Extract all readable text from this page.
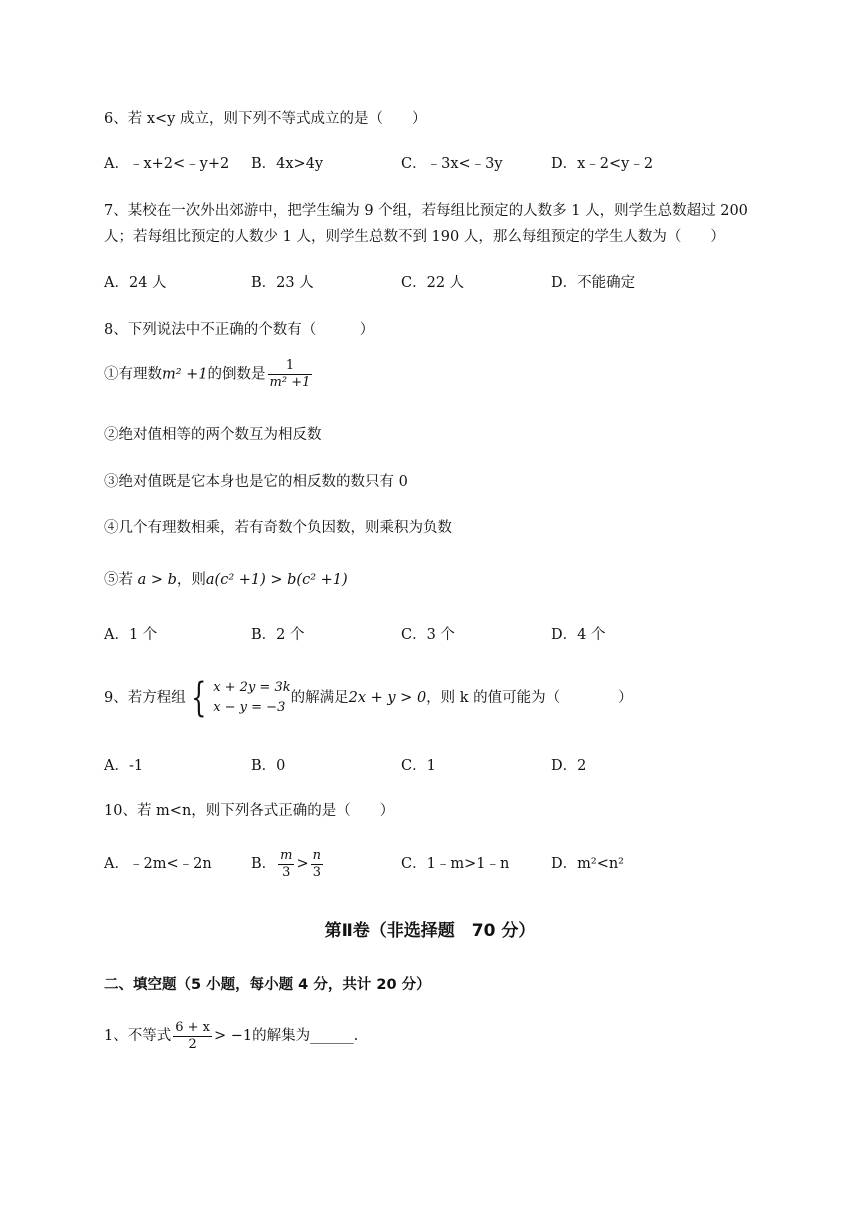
6、若 x<y 成立，则下列不等式成立的是（　　）
A．﹣x+2<﹣y+2 B．4x>4y	C．﹣3x<﹣3y	D．x﹣2<y﹣2
7、某校在一次外出郊游中，把学生编为 9 个组，若每组比预定的人数多 1 人，则学生总数超过 200
人；若每组比预定的人数少 1 人，则学生总数不到 190 人，那么每组预定的学生人数为（　　）
A．24 人	B．23 人	C．22 人	D．不能确定
8、下列说法中不正确的个数有（　　　）
①有理数m² +1的倒数是 $\frac{1}{\text{m² +1}}$
②绝对值相等的两个数互为相反数
③绝对值既是它本身也是它的相反数的数只有 0
④几个有理数相乘，若有奇数个负因数，则乘积为负数
⑤若 a > b，则a(c² +1) > b(c² +1)
A．1 个	B．2 个	C．3 个	D．4 个
9、若方程组 { x + 2y = 3k
x − y = −3
的解满足2x + y > 0，则 k 的值可能为（　　　　）
A．-1	B．0	C．1	D．2
10、若 m<n，则下列各式正确的是（　　）
A．﹣2m<﹣2n	B． $\frac{m}{3} > \frac{n}{3}$	C．1﹣m>1﹣n	D．m²<n²
第Ⅱ卷（非选择题　70 分）
二、填空题（5 小题，每小题 4 分，共计 20 分）
1、不等式 $\frac{6 + x}{2} > -1$的解集为______.
